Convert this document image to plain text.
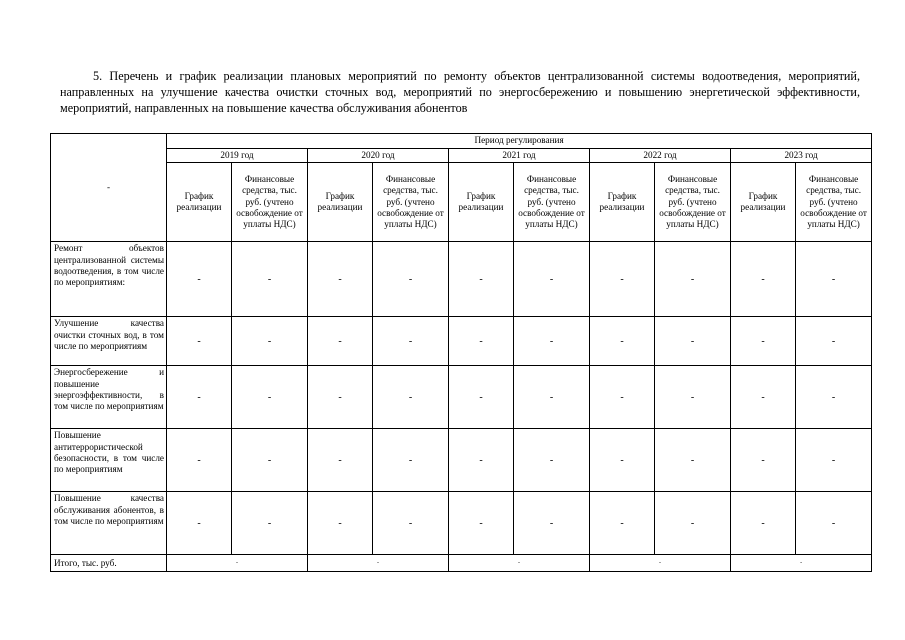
5. Перечень и график реализации плановых мероприятий по ремонту объектов централизованной системы водоотведения, мероприятий, направленных на улучшение качества очистки сточных вод, мероприятий по энергосбережению и повышению энергетической эффективности, мероприятий, направленных на повышение качества обслуживания абонентов
-	Период регулирования									
	2019 год		2020 год		2021 год		2022 год		2023 год	
	График реализации	Финансовые средства, тыс. руб. (учтено освобождение от уплаты НДС)	График реализации	Финансовые средства, тыс. руб. (учтено освобождение от уплаты НДС)	График реализации	Финансовые средства, тыс. руб. (учтено освобождение от уплаты НДС)	График реализации	Финансовые средства, тыс. руб. (учтено освобождение от уплаты НДС)	График реализации	Финансовые средства, тыс. руб. (учтено освобождение от уплаты НДС)
Ремонт объектов централизованной системы водоотведения, в том числе по мероприятиям:	-	-	-	-	-	-	-	-	-	-
Улучшение качества очистки сточных вод, в том числе по мероприятиям	-	-	-	-	-	-	-	-	-	-
Энергосбережение и повышение энергоэффективности, в том числе по мероприятиям	-	-	-	-	-	-	-	-	-	-
Повышение антитеррористической безопасности, в том числе по мероприятиям	-	-	-	-	-	-	-	-	-	-
Повышение качества обслуживания абонентов, в том числе по мероприятиям	-	-	-	-	-	-	-	-	-	-
Итого, тыс. руб.	-		-		-		-		-	
